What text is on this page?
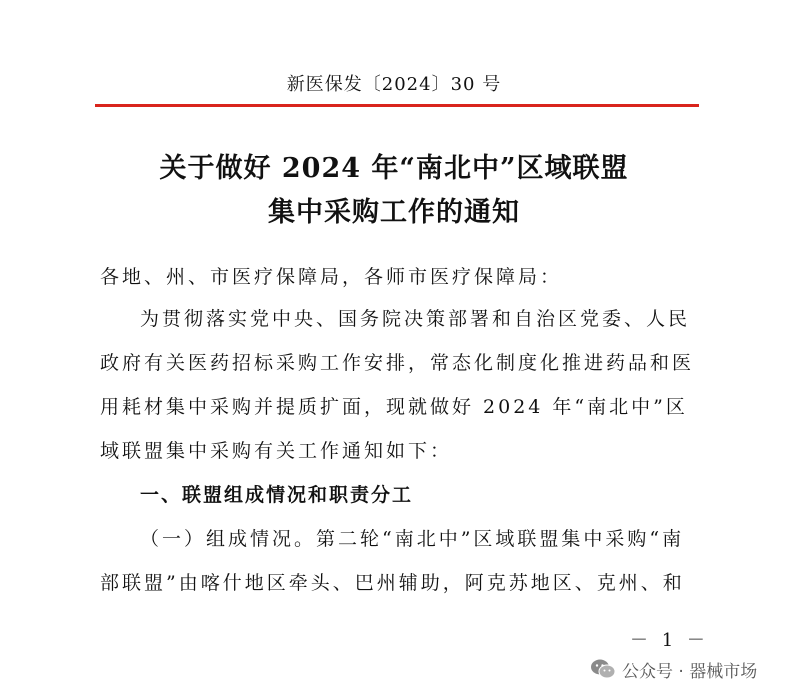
新医保发〔2024〕30 号
关于做好 2024 年“南北中”区域联盟
集中采购工作的通知
各地、州、市医疗保障局，各师市医疗保障局：
为贯彻落实党中央、国务院决策部署和自治区党委、人民
政府有关医药招标采购工作安排，常态化制度化推进药品和医
用耗材集中采购并提质扩面，现就做好 2024 年“南北中”区
域联盟集中采购有关工作通知如下：
一、联盟组成情况和职责分工
（一）组成情况。第二轮“南北中”区域联盟集中采购“南
部联盟”由喀什地区牵头、巴州辅助，阿克苏地区、克州、和
－ 1 －
公众号 · 器械市场
